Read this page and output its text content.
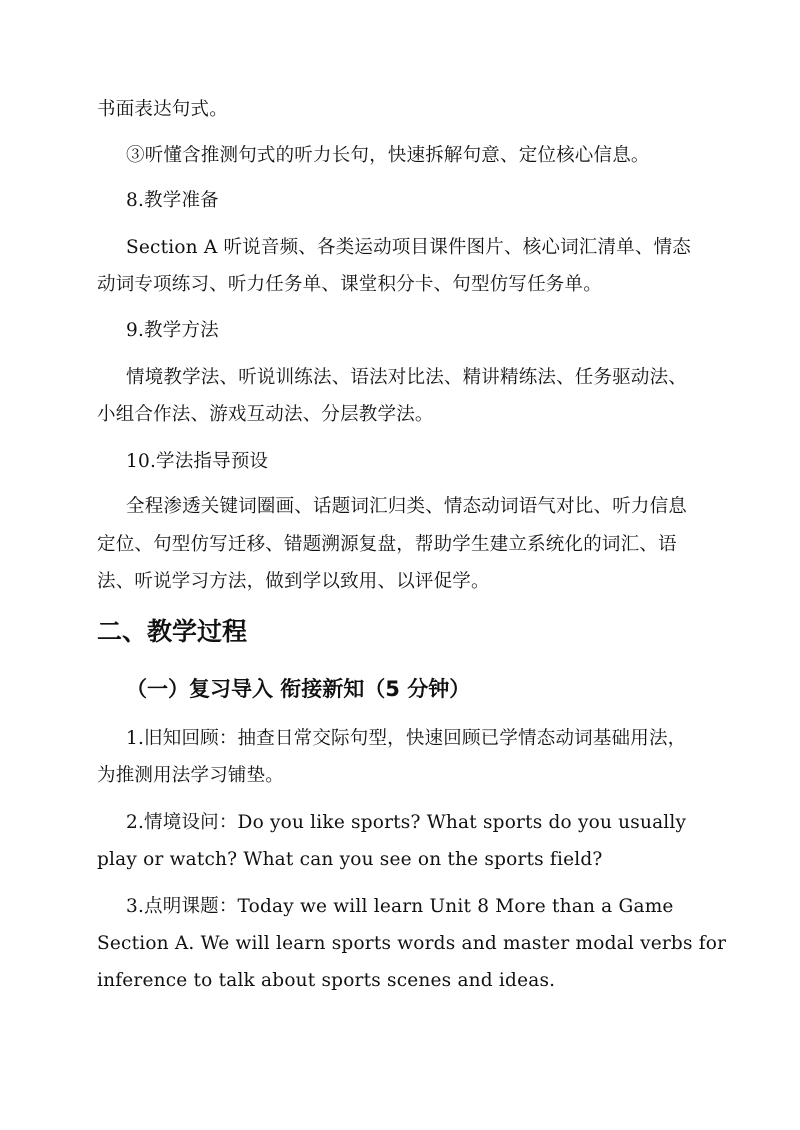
书面表达句式。
③听懂含推测句式的听力长句，快速拆解句意、定位核心信息。
8.教学准备
Section A 听说音频、各类运动项目课件图片、核心词汇清单、情态
动词专项练习、听力任务单、课堂积分卡、句型仿写任务单。
9.教学方法
情境教学法、听说训练法、语法对比法、精讲精练法、任务驱动法、
小组合作法、游戏互动法、分层教学法。
10.学法指导预设
全程渗透关键词圈画、话题词汇归类、情态动词语气对比、听力信息
定位、句型仿写迁移、错题溯源复盘，帮助学生建立系统化的词汇、语
法、听说学习方法，做到学以致用、以评促学。
二、教学过程
（一）复习导入 衔接新知（5 分钟）
1.旧知回顾：抽查日常交际句型，快速回顾已学情态动词基础用法，
为推测用法学习铺垫。
2.情境设问：Do you like sports? What sports do you usually
play or watch? What can you see on the sports field?
3.点明课题：Today we will learn Unit 8 More than a Game
Section A. We will learn sports words and master modal verbs for
inference to talk about sports scenes and ideas.
